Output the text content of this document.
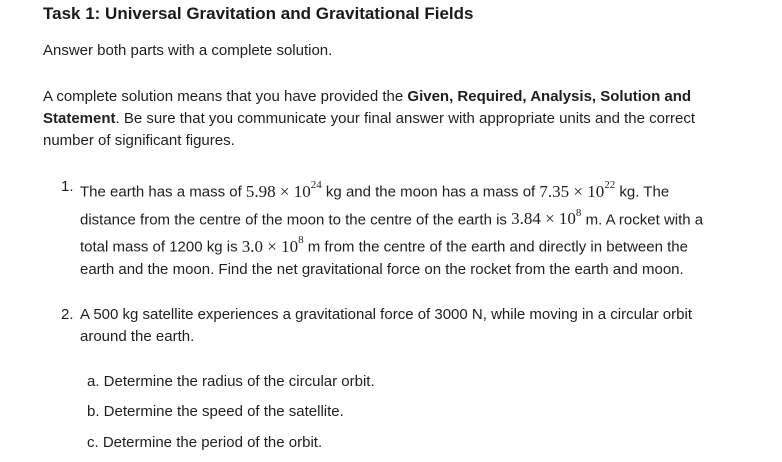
Task 1: Universal Gravitation and Gravitational Fields
Answer both parts with a complete solution.
A complete solution means that you have provided the Given, Required, Analysis, Solution and Statement. Be sure that you communicate your final answer with appropriate units and the correct number of significant figures.
1. The earth has a mass of $5.98 \times 10^{24}$ kg and the moon has a mass of $7.35 \times 10^{22}$ kg. The distance from the centre of the moon to the centre of the earth is $3.84 \times 10^8$ m. A rocket with a total mass of 1200 kg is $3.0 \times 10^8$ m from the centre of the earth and directly in between the earth and the moon. Find the net gravitational force on the rocket from the earth and moon.
2. A 500 kg satellite experiences a gravitational force of 3000 N, while moving in a circular orbit around the earth.
a. Determine the radius of the circular orbit.
b. Determine the speed of the satellite.
c. Determine the period of the orbit.
